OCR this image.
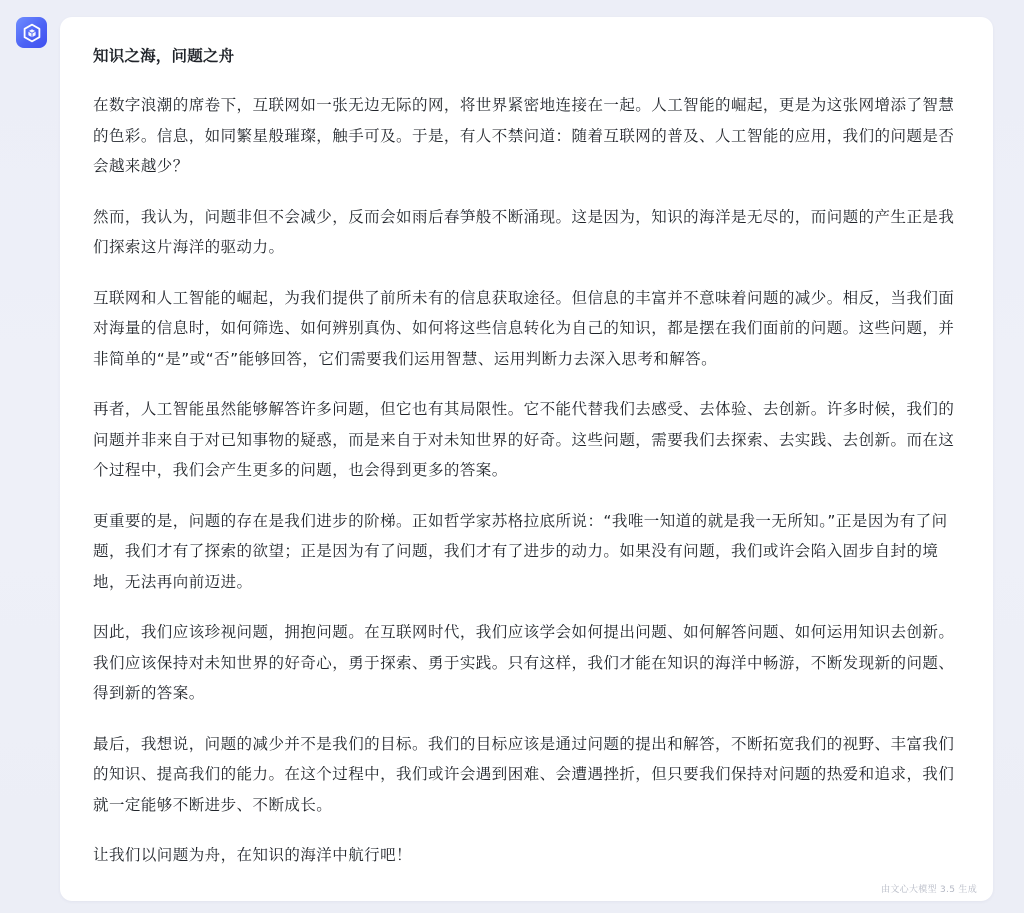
知识之海，问题之舟

在数字浪潮的席卷下，互联网如一张无边无际的网，将世界紧密地连接在一起。人工智能的崛起，更是为这张网增添了智慧的色彩。信息，如同繁星般璀璨，触手可及。于是，有人不禁问道：随着互联网的普及、人工智能的应用，我们的问题是否会越来越少？

然而，我认为，问题非但不会减少，反而会如雨后春笋般不断涌现。这是因为，知识的海洋是无尽的，而问题的产生正是我们探索这片海洋的驱动力。

互联网和人工智能的崛起，为我们提供了前所未有的信息获取途径。但信息的丰富并不意味着问题的减少。相反，当我们面对海量的信息时，如何筛选、如何辨别真伪、如何将这些信息转化为自己的知识，都是摆在我们面前的问题。这些问题，并非简单的“是”或“否”能够回答，它们需要我们运用智慧、运用判断力去深入思考和解答。

再者，人工智能虽然能够解答许多问题，但它也有其局限性。它不能代替我们去感受、去体验、去创新。许多时候，我们的问题并非来自于对已知事物的疑惑，而是来自于对未知世界的好奇。这些问题，需要我们去探索、去实践、去创新。而在这个过程中，我们会产生更多的问题，也会得到更多的答案。

更重要的是，问题的存在是我们进步的阶梯。正如哲学家苏格拉底所说：“我唯一知道的就是我一无所知。”正是因为有了问题，我们才有了探索的欲望；正是因为有了问题，我们才有了进步的动力。如果没有问题，我们或许会陷入固步自封的境地，无法再向前迈进。

因此，我们应该珍视问题，拥抱问题。在互联网时代，我们应该学会如何提出问题、如何解答问题、如何运用知识去创新。我们应该保持对未知世界的好奇心，勇于探索、勇于实践。只有这样，我们才能在知识的海洋中畅游，不断发现新的问题、得到新的答案。

最后，我想说，问题的减少并不是我们的目标。我们的目标应该是通过问题的提出和解答，不断拓宽我们的视野、丰富我们的知识、提高我们的能力。在这个过程中，我们或许会遇到困难、会遭遇挫折，但只要我们保持对问题的热爱和追求，我们就一定能够不断进步、不断成长。

让我们以问题为舟，在知识的海洋中航行吧！

由文心大模型 3.5 生成
